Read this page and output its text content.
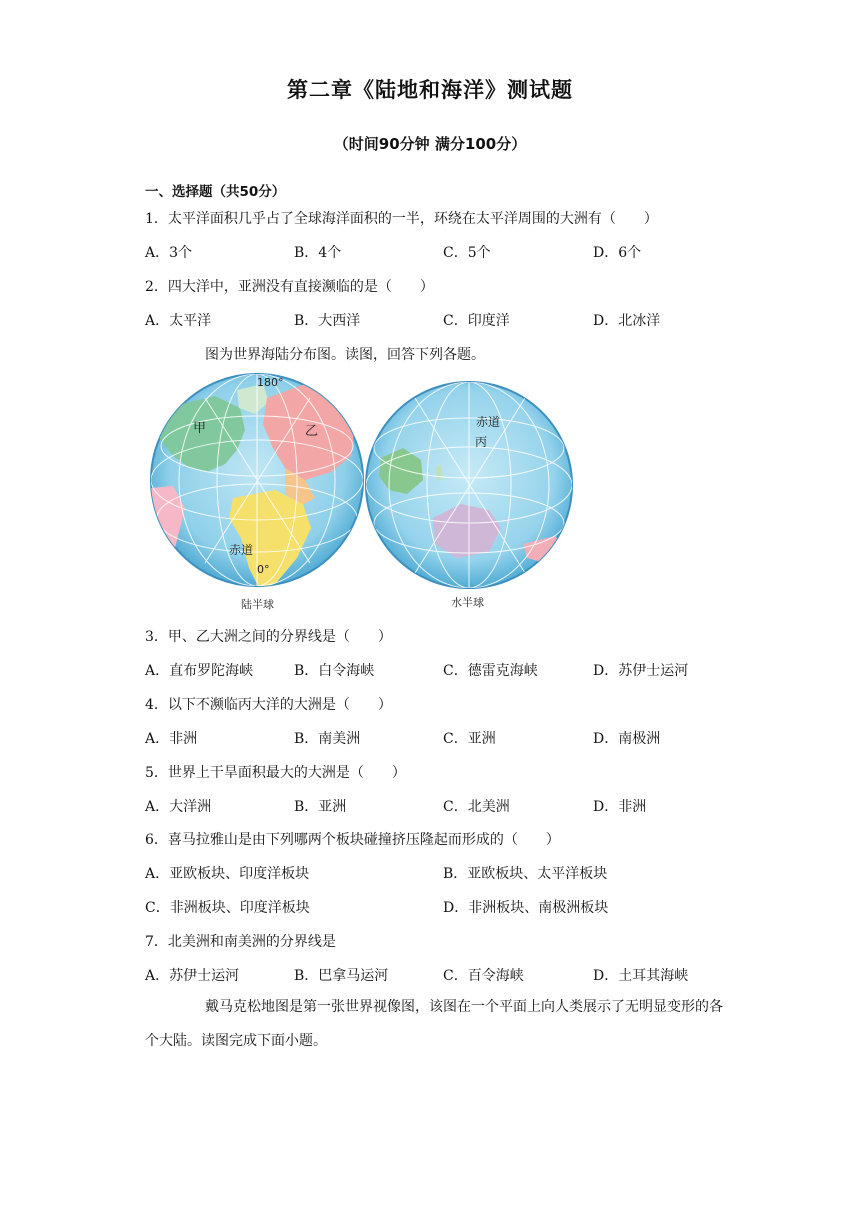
第二章《陆地和海洋》测试题
（时间90分钟 满分100分）
一、选择题（共50分）
1．太平洋面积几乎占了全球海洋面积的一半，环绕在太平洋周围的大洲有（　　）
A．3个	B．4个	C．5个	D．6个
2．四大洋中，亚洲没有直接濒临的是（　　）
A．太平洋	B．大西洋	C．印度洋	D．北冰洋
图为世界海陆分布图。读图，回答下列各题。
180°
甲	乙
赤道
0°
陆半球
赤道
丙
水半球
3．甲、乙大洲之间的分界线是（　　）
A．直布罗陀海峡	B．白令海峡	C．德雷克海峡	D．苏伊士运河
4．以下不濒临丙大洋的大洲是（　　）
A．非洲	B．南美洲	C．亚洲	D．南极洲
5．世界上干旱面积最大的大洲是（　　）
A．大洋洲	B．亚洲	C．北美洲	D．非洲
6．喜马拉雅山是由下列哪两个板块碰撞挤压隆起而形成的（　　）
A．亚欧板块、印度洋板块	B．亚欧板块、太平洋板块
C．非洲板块、印度洋板块	D．非洲板块、南极洲板块
7．北美洲和南美洲的分界线是
A．苏伊士运河	B．巴拿马运河	C．百令海峡	D．土耳其海峡
戴马克松地图是第一张世界视像图，该图在一个平面上向人类展示了无明显变形的各个大陆。读图完成下面小题。
